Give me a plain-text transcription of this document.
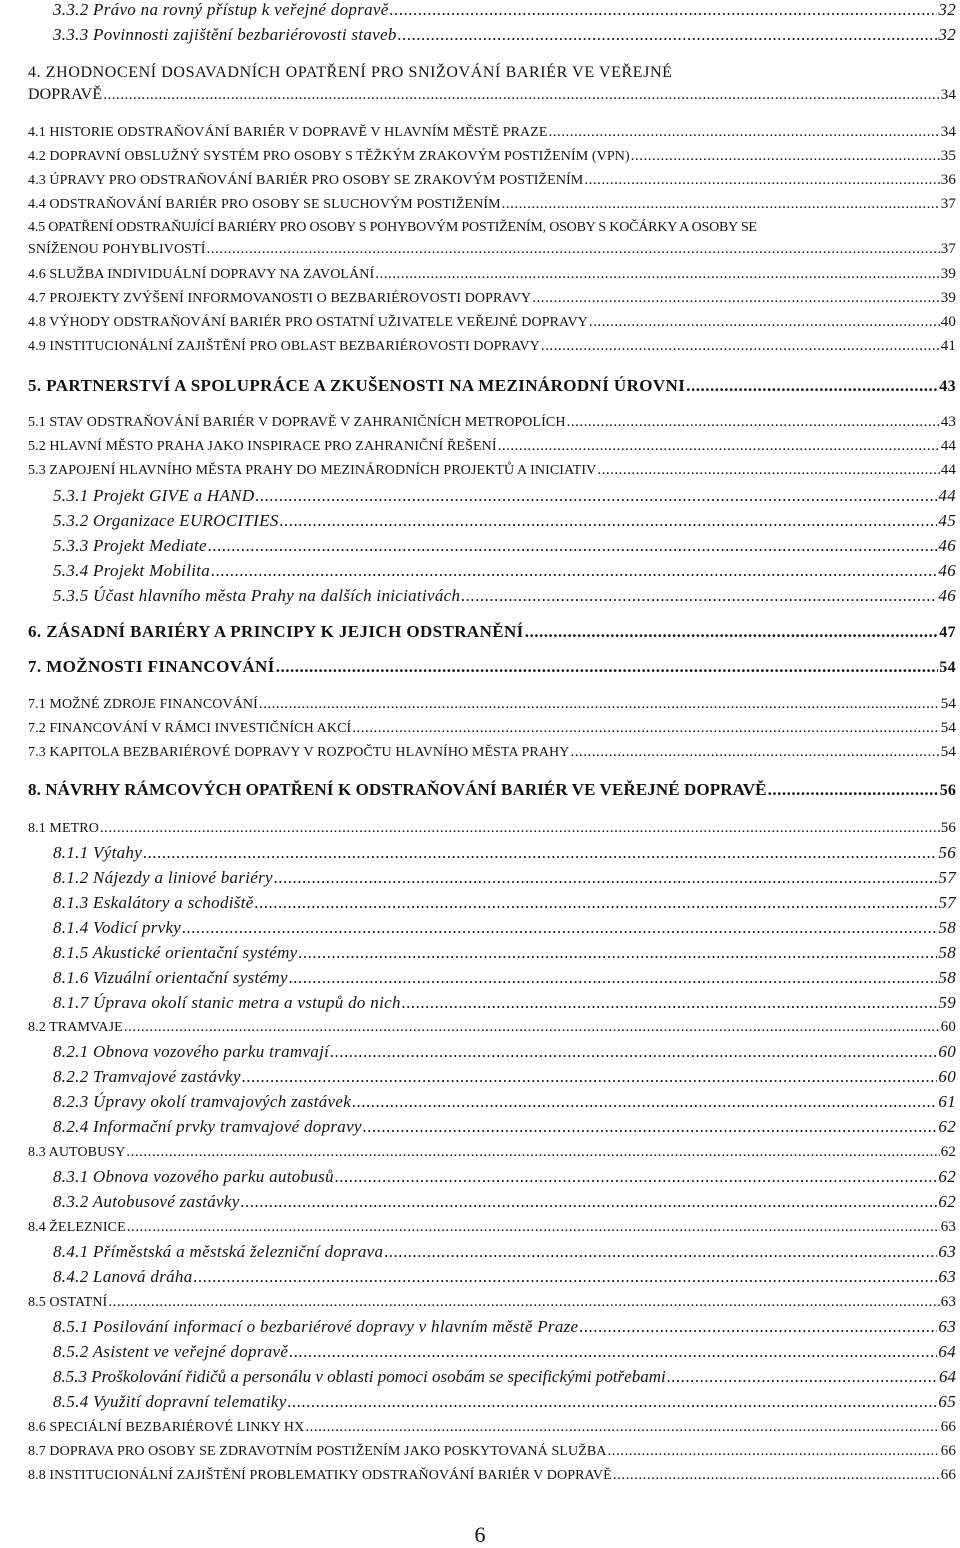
3.3.2 Právo na rovný přístup k veřejné dopravě .....	32
3.3.3 Povinnosti zajištění bezbariérovosti staveb .....	32
4. ZHODNOCENÍ DOSAVADNÍCH OPATŘENÍ PRO SNIŽOVÁNÍ BARIÉR VE VEŘEJNÉ
DOPRAVĚ .....	34
4.1 HISTORIE ODSTRAŇOVÁNÍ BARIÉR V DOPRAVĚ V HLAVNÍM MĚSTĚ PRAZE .....	34
4.2 DOPRAVNÍ OBSLUŽNÝ SYSTÉM PRO OSOBY S TĚŽKÝM ZRAKOVÝM POSTIŽENÍM (VPN) .....	35
4.3 ÚPRAVY PRO ODSTRAŇOVÁNÍ BARIÉR PRO OSOBY SE ZRAKOVÝM POSTIŽENÍM .....	36
4.4 ODSTRAŇOVÁNÍ BARIÉR PRO OSOBY SE SLUCHOVÝM POSTIŽENÍM .....	37
4.5 OPATŘENÍ ODSTRAŇUJÍCÍ BARIÉRY PRO OSOBY S POHYBOVÝM POSTIŽENÍM, OSOBY S KOČÁRKY A OSOBY SE
SNÍŽENOU POHYBLIVOSTÍ .....	37
4.6 SLUŽBA INDIVIDUÁLNÍ DOPRAVY NA ZAVOLÁNÍ .....	39
4.7 PROJEKTY ZVÝŠENÍ INFORMOVANOSTI O BEZBARIÉROVOSTI DOPRAVY .....	39
4.8 VÝHODY ODSTRAŇOVÁNÍ BARIÉR PRO OSTATNÍ UŽIVATELE VEŘEJNÉ DOPRAVY .....	40
4.9 INSTITUCIONÁLNÍ ZAJIŠTĚNÍ PRO OBLAST BEZBARIÉROVOSTI DOPRAVY .....	41
5. PARTNERSTVÍ A SPOLUPRÁCE A ZKUŠENOSTI NA MEZINÁRODNÍ ÚROVNI .....	43
5.1 STAV ODSTRAŇOVÁNÍ BARIÉR V DOPRAVĚ V ZAHRANIČNÍCH METROPOLÍCH .....	43
5.2 HLAVNÍ MĚSTO PRAHA JAKO INSPIRACE PRO ZAHRANIČNÍ ŘEŠENÍ .....	44
5.3 ZAPOJENÍ HLAVNÍHO MĚSTA PRAHY DO MEZINÁRODNÍCH PROJEKTŮ A INICIATIV .....	44
5.3.1 Projekt GIVE a HAND .....	44
5.3.2 Organizace EUROCITIES .....	45
5.3.3 Projekt Mediate .....	46
5.3.4 Projekt Mobilita .....	46
5.3.5 Účast hlavního města Prahy na dalších iniciativách .....	46
6. ZÁSADNÍ BARIÉRY A PRINCIPY K JEJICH ODSTRANĚNÍ .....	47
7. MOŽNOSTI FINANCOVÁNÍ .....	54
7.1 MOŽNÉ ZDROJE FINANCOVÁNÍ .....	54
7.2 FINANCOVÁNÍ V RÁMCI INVESTIČNÍCH AKCÍ .....	54
7.3 KAPITOLA BEZBARIÉROVÉ DOPRAVY V ROZPOČTU HLAVNÍHO MĚSTA PRAHY .....	54
8. NÁVRHY RÁMCOVÝCH OPATŘENÍ K ODSTRAŇOVÁNÍ BARIÉR VE VEŘEJNÉ DOPRAVĚ .....	56
8.1 METRO .....	56
8.1.1 Výtahy .....	56
8.1.2 Nájezdy a liniové bariéry .....	57
8.1.3 Eskalátory a schodiště .....	57
8.1.4 Vodicí prvky .....	58
8.1.5 Akustické orientační systémy .....	58
8.1.6 Vizuální orientační systémy .....	58
8.1.7 Úprava okolí stanic metra a vstupů do nich .....	59
8.2 TRAMVAJE .....	60
8.2.1 Obnova vozového parku tramvají .....	60
8.2.2 Tramvajové zastávky .....	60
8.2.3 Úpravy okolí tramvajových zastávek .....	61
8.2.4 Informační prvky tramvajové dopravy .....	62
8.3 AUTOBUSY .....	62
8.3.1 Obnova vozového parku autobusů .....	62
8.3.2 Autobusové zastávky .....	62
8.4 ŽELEZNICE .....	63
8.4.1 Příměstská a městská železniční doprava .....	63
8.4.2 Lanová dráha .....	63
8.5 OSTATNÍ .....	63
8.5.1 Posilování informací o bezbariérové dopravy v hlavním městě Praze .....	63
8.5.2 Asistent ve veřejné dopravě .....	64
8.5.3 Proškolování řidičů a personálu v oblasti pomoci osobám se specifickými potřebami .....	64
8.5.4 Využití dopravní telematiky .....	65
8.6 SPECIÁLNÍ BEZBARIÉROVÉ LINKY HX .....	66
8.7 DOPRAVA PRO OSOBY SE ZDRAVOTNÍM POSTIŽENÍM JAKO POSKYTOVANÁ SLUŽBA .....	66
8.8 INSTITUCIONÁLNÍ ZAJIŠTĚNÍ PROBLEMATIKY ODSTRAŇOVÁNÍ BARIÉR V DOPRAVĚ .....	66
6
